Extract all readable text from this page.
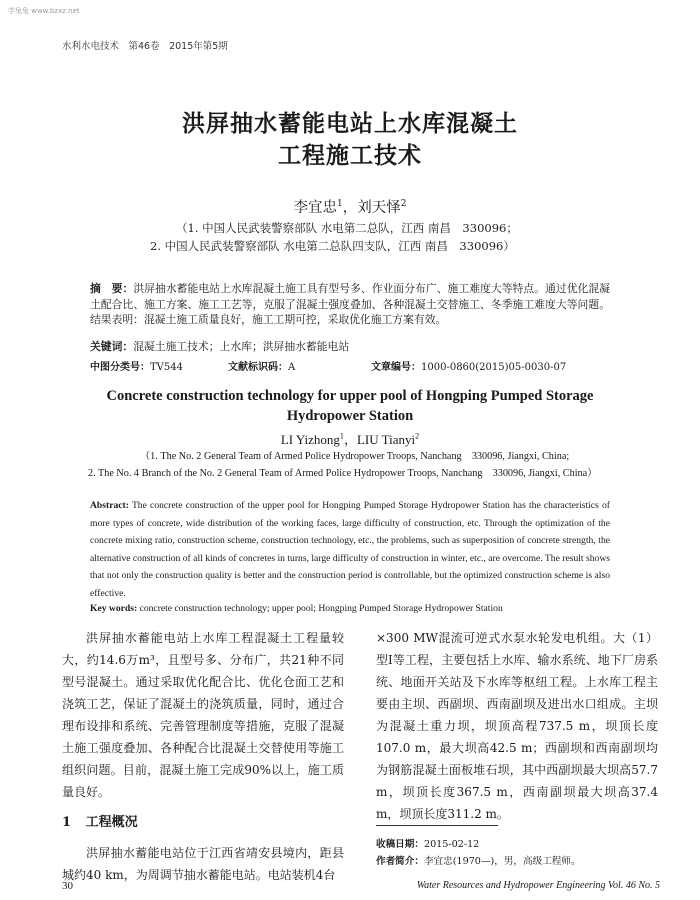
学兔兔 www.bzxz.net
水利水电技术　第46卷　2015年第5期
洪屏抽水蓄能电站上水库混凝土
工程施工技术
李宜忠$^1$，刘天怿$^2$
（1. 中国人民武装警察部队 水电第二总队，江西 南昌　330096；
2. 中国人民武装警察部队 水电第二总队四支队，江西 南昌　330096）
摘　要：洪屏抽水蓄能电站上水库混凝土施工具有型号多、作业面分布广、施工难度大等特点。通过优化混凝土配合比、施工方案、施工工艺等，克服了混凝土强度叠加、各种混凝土交替施工、冬季施工难度大等问题。结果表明：混凝土施工质量良好，施工工期可控，采取优化施工方案有效。
关键词：混凝土施工技术；上水库；洪屏抽水蓄能电站
中图分类号：TV544	文献标识码：A	文章编号：1000-0860(2015)05-0030-07
Concrete construction technology for upper pool of Hongping Pumped Storage
Hydropower Station
LI Yizhong$^1$，LIU Tianyi$^2$
（1. The No. 2 General Team of Armed Police Hydropower Troops, Nanchang　330096, Jiangxi, China;
2. The No. 4 Branch of the No. 2 General Team of Armed Police Hydropower Troops, Nanchang　330096, Jiangxi, China）
Abstract: The concrete construction of the upper pool for Hongping Pumped Storage Hydropower Station has the characteristics of more types of concrete, wide distribution of the working faces, large difficulty of construction, etc. Through the optimization of the concrete mixing ratio, construction scheme, construction technology, etc., the problems, such as superposition of concrete strength, the alternative construction of all kinds of concretes in turns, large difficulty of construction in winter, etc., are overcome. The result shows that not only the construction quality is better and the construction period is controllable, but the optimized construction scheme is also effective.
Key words: concrete construction technology; upper pool; Hongping Pumped Storage Hydropower Station

洪屏抽水蓄能电站上水库工程混凝土工程量较大，约14.6万m³，且型号多、分布广，共21种不同型号混凝土。通过采取优化配合比、优化仓面工艺和浇筑工艺，保证了混凝土的浇筑质量，同时，通过合理布设排和系统、完善管理制度等措施，克服了混凝土施工强度叠加、各种配合比混凝土交替使用等施工组织问题。目前，混凝土施工完成90%以上，施工质量良好。

1 工程概况

洪屏抽水蓄能电站位于江西省靖安县境内，距县城约40 km，为周调节抽水蓄能电站。电站装机4台

×300 MW混流可逆式水泵水轮发电机组。大（1）型Ⅰ等工程，主要包括上水库、输水系统、地下厂房系统、地面开关站及下水库等枢纽工程。上水库工程主要由主坝、西副坝、西南副坝及进出水口组成。主坝为混凝土重力坝，坝顶高程737.5 m，坝顶长度107.0 m，最大坝高42.5 m；西副坝和西南副坝均为钢筋混凝土面板堆石坝，其中西副坝最大坝高57.7 m，坝顶长度367.5 m，西南副坝最大坝高37.4 m，坝顶长度311.2 m。

收稿日期：2015-02-12
作者简介：李宜忠(1970—)，男，高级工程师。
30	Water Resources and Hydropower Engineering Vol. 46 No. 5
